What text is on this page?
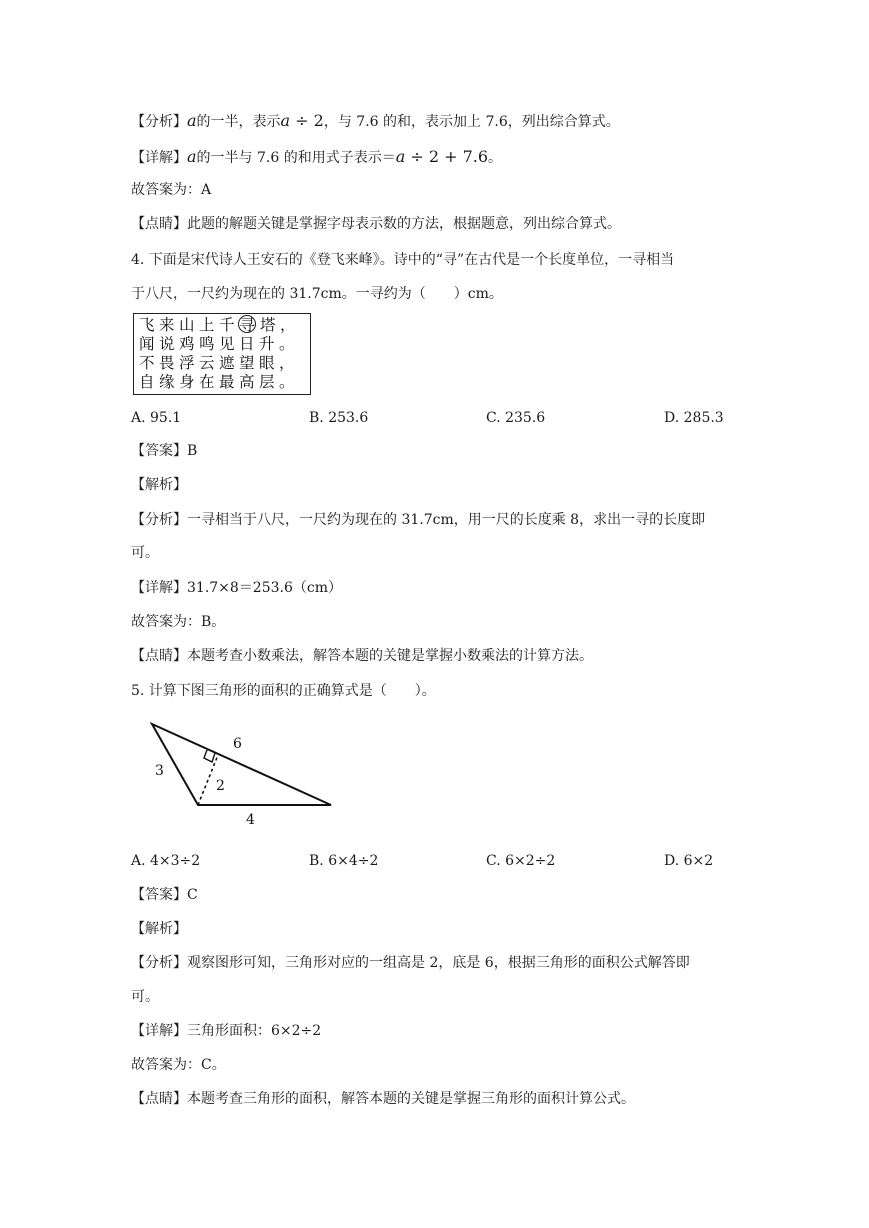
【分析】a的一半，表示a ÷ 2，与 7.6 的和，表示加上 7.6，列出综合算式。
【详解】a的一半与 7.6 的和用式子表示＝a ÷ 2 + 7.6。
故答案为：A
【点睛】此题的解题关键是掌握字母表示数的方法，根据题意，列出综合算式。
4. 下面是宋代诗人王安石的《登飞来峰》。诗中的“寻”在古代是一个长度单位，一寻相当
于八尺，一尺约为现在的 31.7cm。一寻约为（　　）cm。
飞来山上千寻 塔，
闻说鸡鸣见日升。
不畏浮云遮望眼，
自缘身在最高层。
A. 95.1	B. 253.6	C. 235.6	D. 285.3
【答案】B
【解析】
【分析】一寻相当于八尺，一尺约为现在的 31.7cm，用一尺的长度乘 8，求出一寻的长度即
可。
【详解】31.7×8＝253.6（cm）
故答案为：B。
【点睛】本题考查小数乘法，解答本题的关键是掌握小数乘法的计算方法。
5. 计算下图三角形的面积的正确算式是（　　）。
3
6
2
4
A. 4×3÷2	B. 6×4÷2	C. 6×2÷2	D. 6×2
【答案】C
【解析】
【分析】观察图形可知，三角形对应的一组高是 2，底是 6，根据三角形的面积公式解答即
可。
【详解】三角形面积：6×2÷2
故答案为：C。
【点睛】本题考查三角形的面积，解答本题的关键是掌握三角形的面积计算公式。
